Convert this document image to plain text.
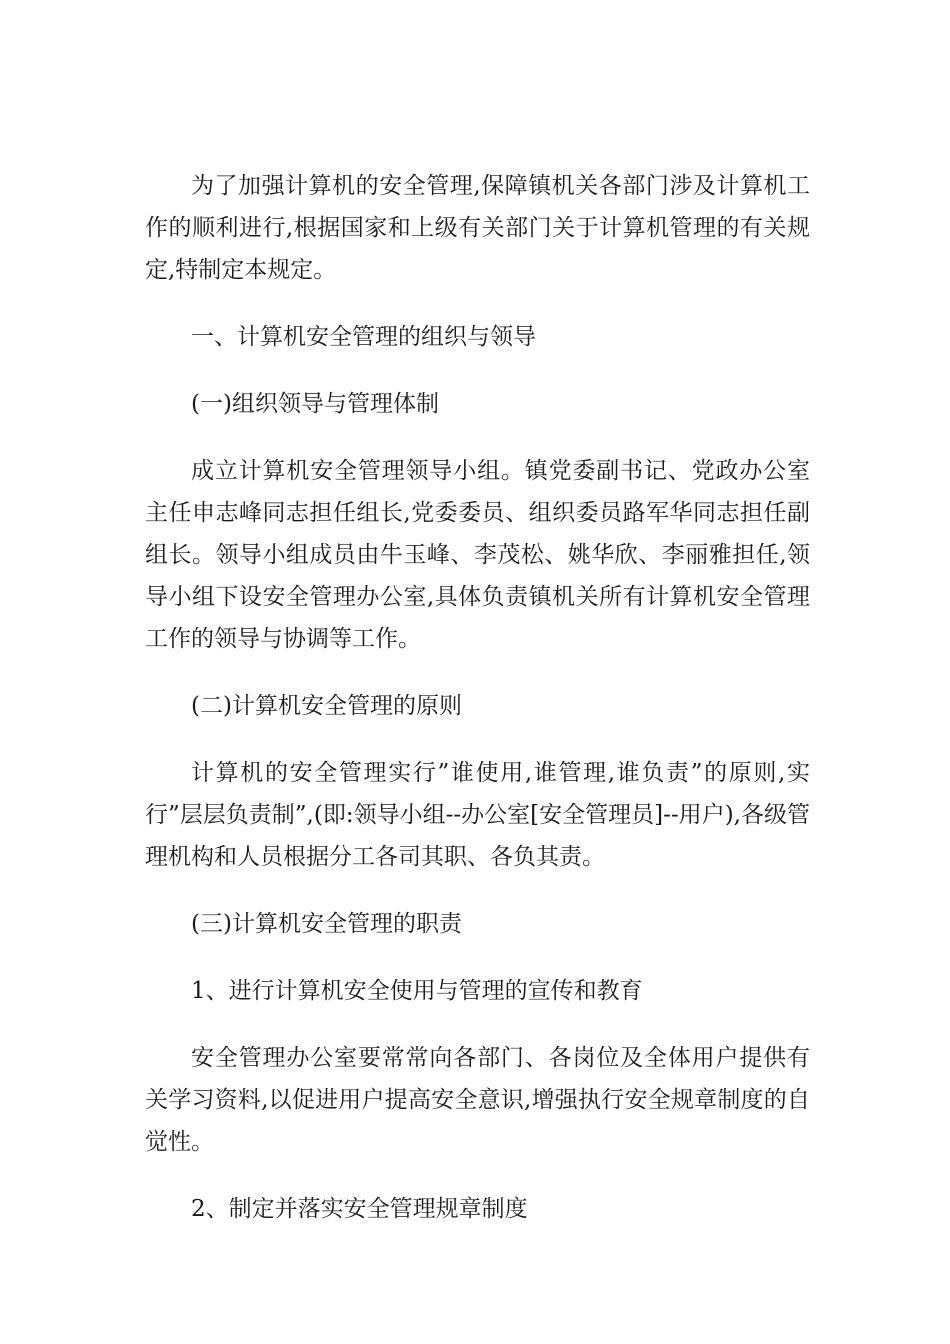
为了加强计算机的安全管理,保障镇机关各部门涉及计算机工作的顺利进行,根据国家和上级有关部门关于计算机管理的有关规定,特制定本规定。

一、计算机安全管理的组织与领导

(一)组织领导与管理体制

成立计算机安全管理领导小组。镇党委副书记、党政办公室主任申志峰同志担任组长,党委委员、组织委员路军华同志担任副组长。领导小组成员由牛玉峰、李茂松、姚华欣、李丽雅担任,领导小组下设安全管理办公室,具体负责镇机关所有计算机安全管理工作的领导与协调等工作。

(二)计算机安全管理的原则

计算机的安全管理实行”谁使用,谁管理,谁负责”的原则,实行”层层负责制”,(即:领导小组--办公室[安全管理员]--用户),各级管理机构和人员根据分工各司其职、各负其责。

(三)计算机安全管理的职责

1、进行计算机安全使用与管理的宣传和教育

安全管理办公室要常常向各部门、各岗位及全体用户提供有关学习资料,以促进用户提高安全意识,增强执行安全规章制度的自觉性。

2、制定并落实安全管理规章制度
